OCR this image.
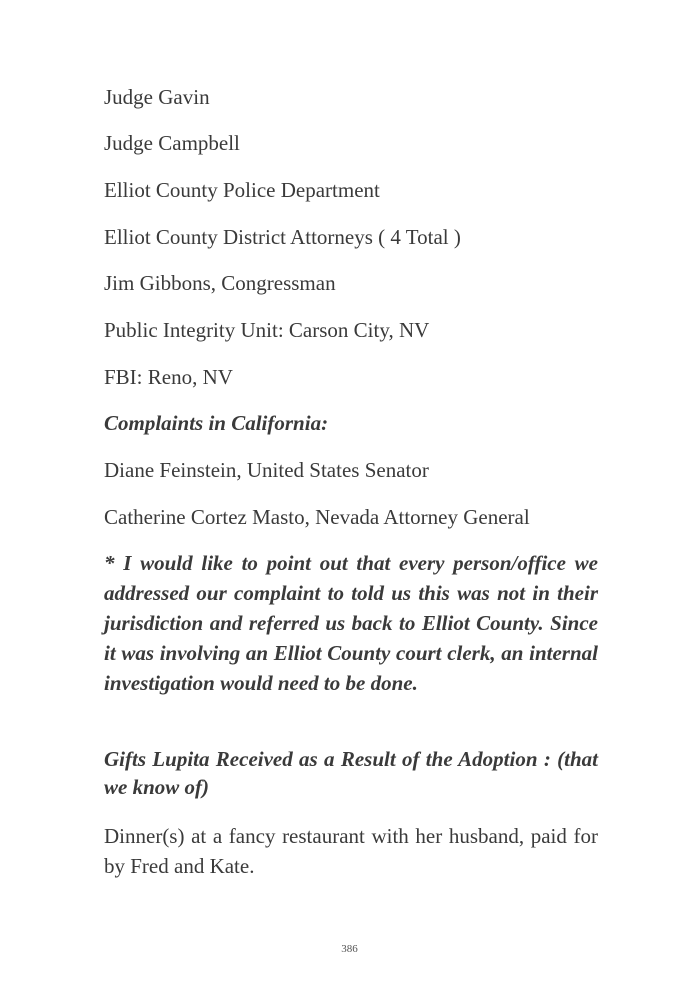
Judge Gavin

Judge Campbell

Elliot County Police Department

Elliot County District Attorneys ( 4 Total )

Jim Gibbons, Congressman

Public Integrity Unit: Carson City, NV

FBI: Reno, NV

Complaints in California:

Diane Feinstein, United States Senator

Catherine Cortez Masto, Nevada Attorney General

* I would like to point out that every person/office we addressed our complaint to told us this was not in their jurisdiction and referred us back to Elliot County. Since it was involving an Elliot County court clerk, an internal investigation would need to be done.

Gifts Lupita Received as a Result of the Adoption : (that we know of)

Dinner(s) at a fancy restaurant with her husband, paid for by Fred and Kate.

386
